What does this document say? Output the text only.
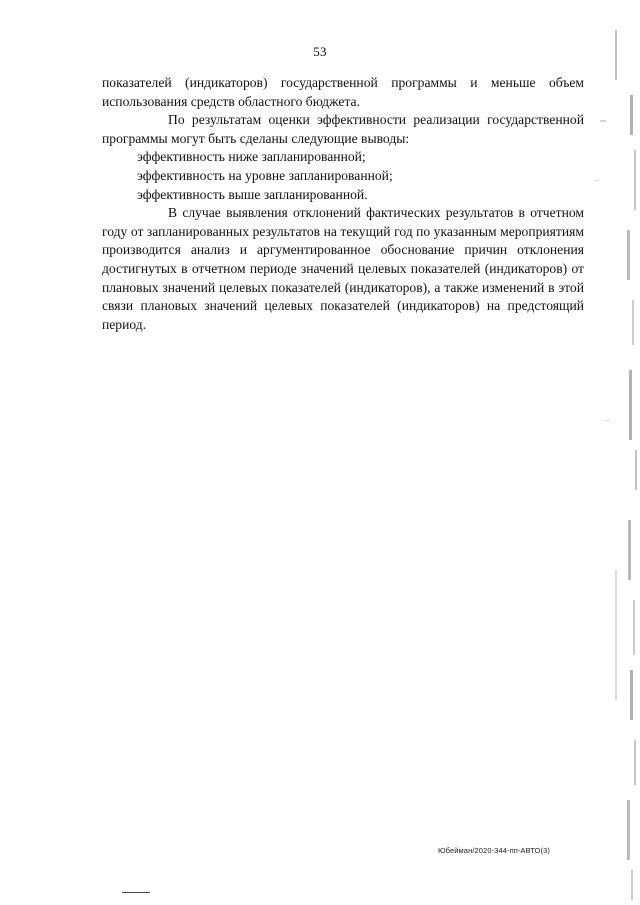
53

показателей (индикаторов) государственной программы и меньше объем использования средств областного бюджета.

По результатам оценки эффективности реализации государственной программы могут быть сделаны следующие выводы:

эффективность ниже запланированной;

эффективность на уровне запланированной;

эффективность выше запланированной.

В случае выявления отклонений фактических результатов в отчетном году от запланированных результатов на текущий год по указанным мероприятиям производится анализ и аргументированное обоснование причин отклонения достигнутых в отчетном периоде значений целевых показателей (индикаторов) от плановых значений целевых показателей (индикаторов), а также изменений в этой связи плановых значений целевых показателей (индикаторов) на предстоящий период.

Юбейман/2020-344-пп-АВТО(3)
